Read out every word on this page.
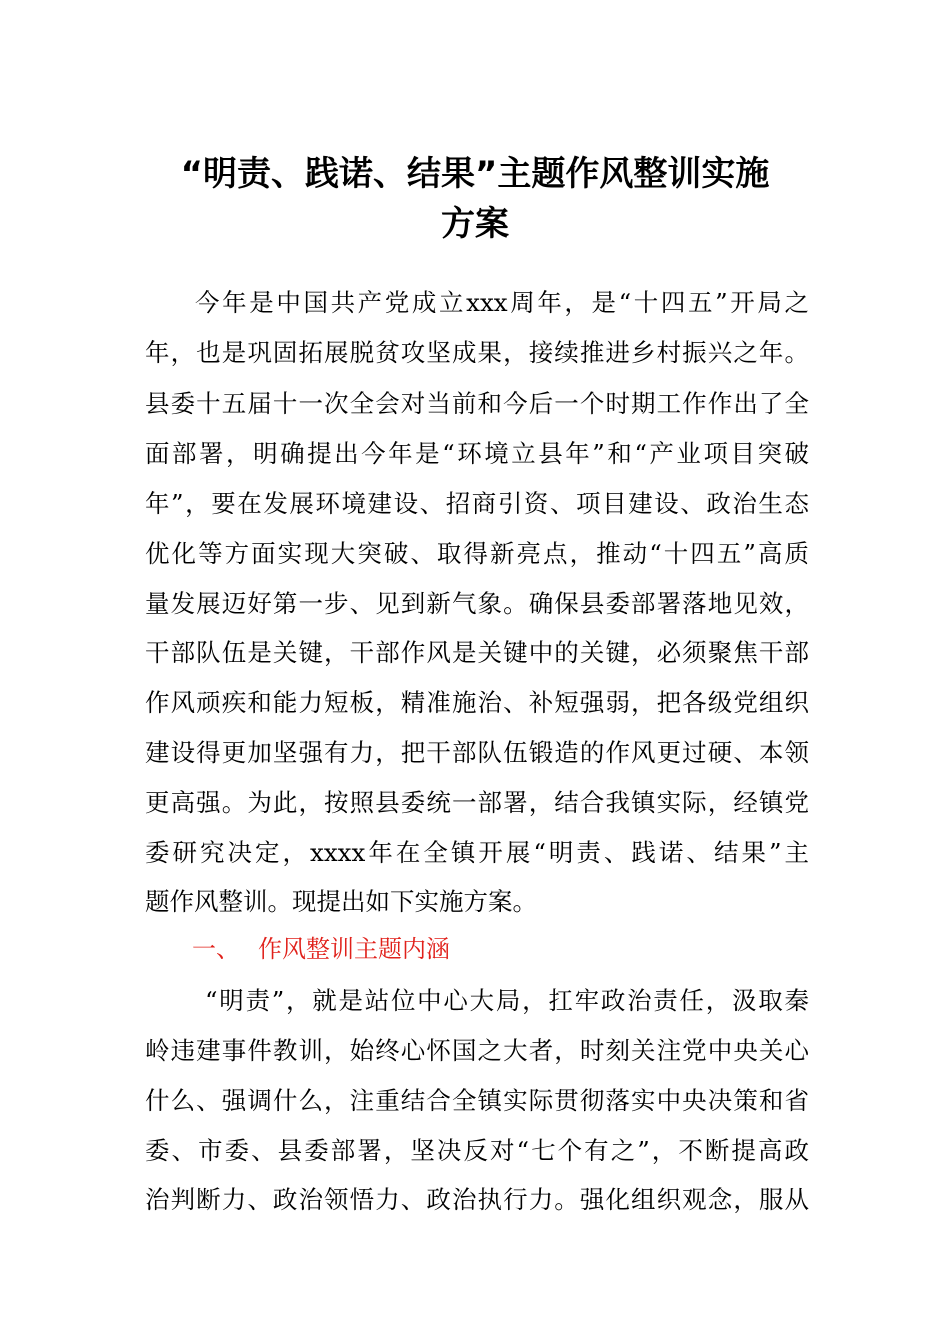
“明责、践诺、结果”主题作风整训实施
方案
今年是中国共产党成立xxx周年，是“十四五”开局之
年，也是巩固拓展脱贫攻坚成果，接续推进乡村振兴之年。
县委十五届十一次全会对当前和今后一个时期工作作出了全
面部署，明确提出今年是“环境立县年”和“产业项目突破
年”，要在发展环境建设、招商引资、项目建设、政治生态
优化等方面实现大突破、取得新亮点，推动“十四五”高质
量发展迈好第一步、见到新气象。确保县委部署落地见效，
干部队伍是关键，干部作风是关键中的关键，必须聚焦干部
作风顽疾和能力短板，精准施治、补短强弱，把各级党组织
建设得更加坚强有力，把干部队伍锻造的作风更过硬、本领
更高强。为此，按照县委统一部署，结合我镇实际，经镇党
委研究决定，xxxx年在全镇开展“明责、践诺、结果”主
题作风整训。现提出如下实施方案。
一、 作风整训主题内涵
“明责”，就是站位中心大局，扛牢政治责任，汲取秦
岭违建事件教训，始终心怀国之大者，时刻关注党中央关心
什么、强调什么，注重结合全镇实际贯彻落实中央决策和省
委、市委、县委部署，坚决反对“七个有之”，不断提高政
治判断力、政治领悟力、政治执行力。强化组织观念，服从
